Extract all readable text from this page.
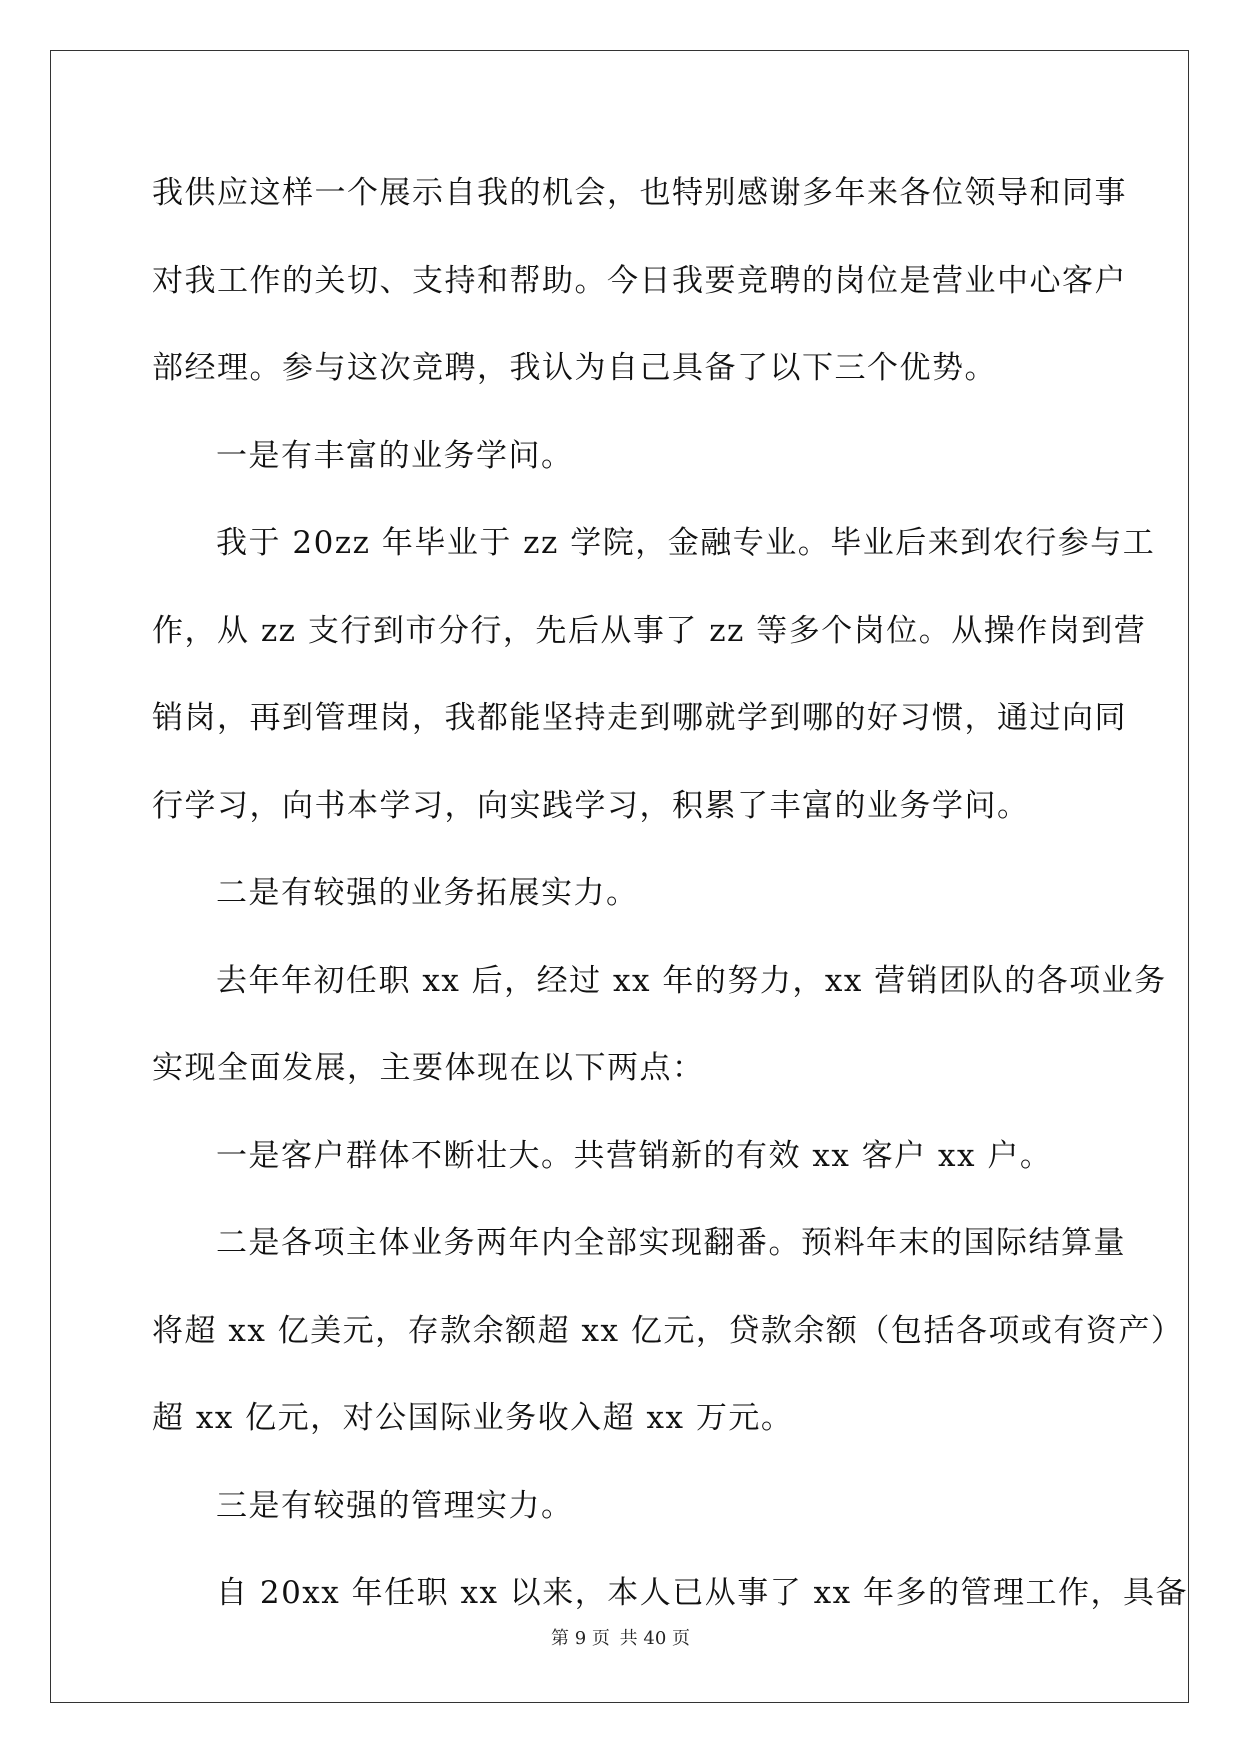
我供应这样一个展示自我的机会，也特别感谢多年来各位领导和同事
对我工作的关切、支持和帮助。今日我要竞聘的岗位是营业中心客户
部经理。参与这次竞聘，我认为自己具备了以下三个优势。
一是有丰富的业务学问。
我于 20zz 年毕业于 zz 学院，金融专业。毕业后来到农行参与工
作，从 zz 支行到市分行，先后从事了 zz 等多个岗位。从操作岗到营
销岗，再到管理岗，我都能坚持走到哪就学到哪的好习惯，通过向同
行学习，向书本学习，向实践学习，积累了丰富的业务学问。
二是有较强的业务拓展实力。
去年年初任职 xx 后，经过 xx 年的努力，xx 营销团队的各项业务
实现全面发展，主要体现在以下两点：
一是客户群体不断壮大。共营销新的有效 xx 客户 xx 户。
二是各项主体业务两年内全部实现翻番。预料年末的国际结算量
将超 xx 亿美元，存款余额超 xx 亿元，贷款余额（包括各项或有资产）
超 xx 亿元，对公国际业务收入超 xx 万元。
三是有较强的管理实力。
自 20xx 年任职 xx 以来，本人已从事了 xx 年多的管理工作，具备
第 9 页 共 40 页
